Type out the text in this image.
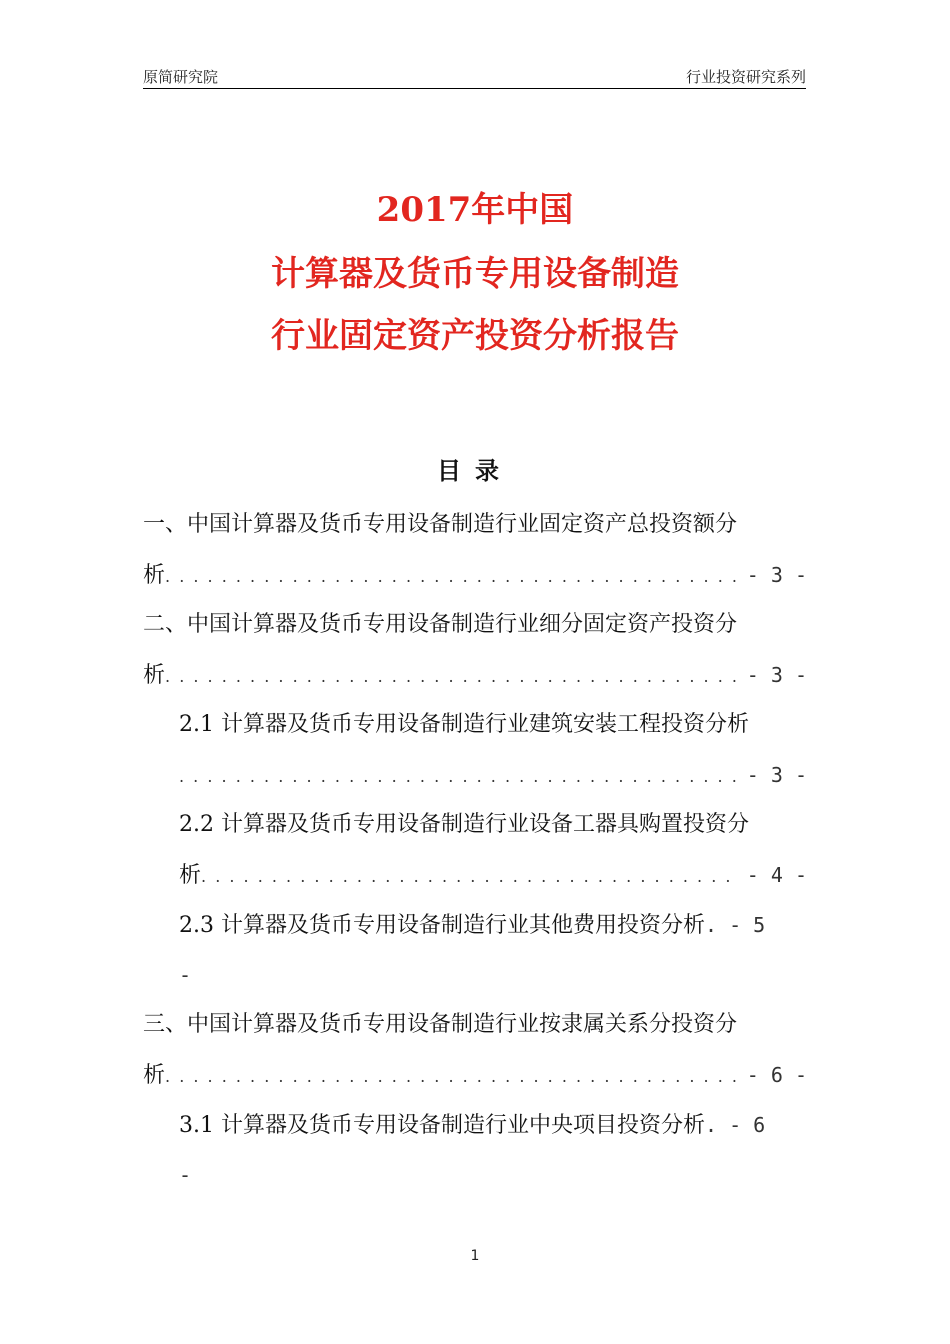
原简研究院	行业投资研究系列
2017年中国
计算器及货币专用设备制造
行业固定资产投资分析报告
目录
一、中国计算器及货币专用设备制造行业固定资产总投资额分
析 . . .	- 3 -
二、中国计算器及货币专用设备制造行业细分固定资产投资分
析 . . .	- 3 -
2.1 计算器及货币专用设备制造行业建筑安装工程投资分析
. . .
- 3 -
2.2 计算器及货币专用设备制造行业设备工器具购置投资分
析 . . .	- 4 -
2.3 计算器及货币专用设备制造行业其他费用投资分析. - 5
-
三、中国计算器及货币专用设备制造行业按隶属关系分投资分
析 . . .	- 6 -
3.1 计算器及货币专用设备制造行业中央项目投资分析. - 6
-
1
